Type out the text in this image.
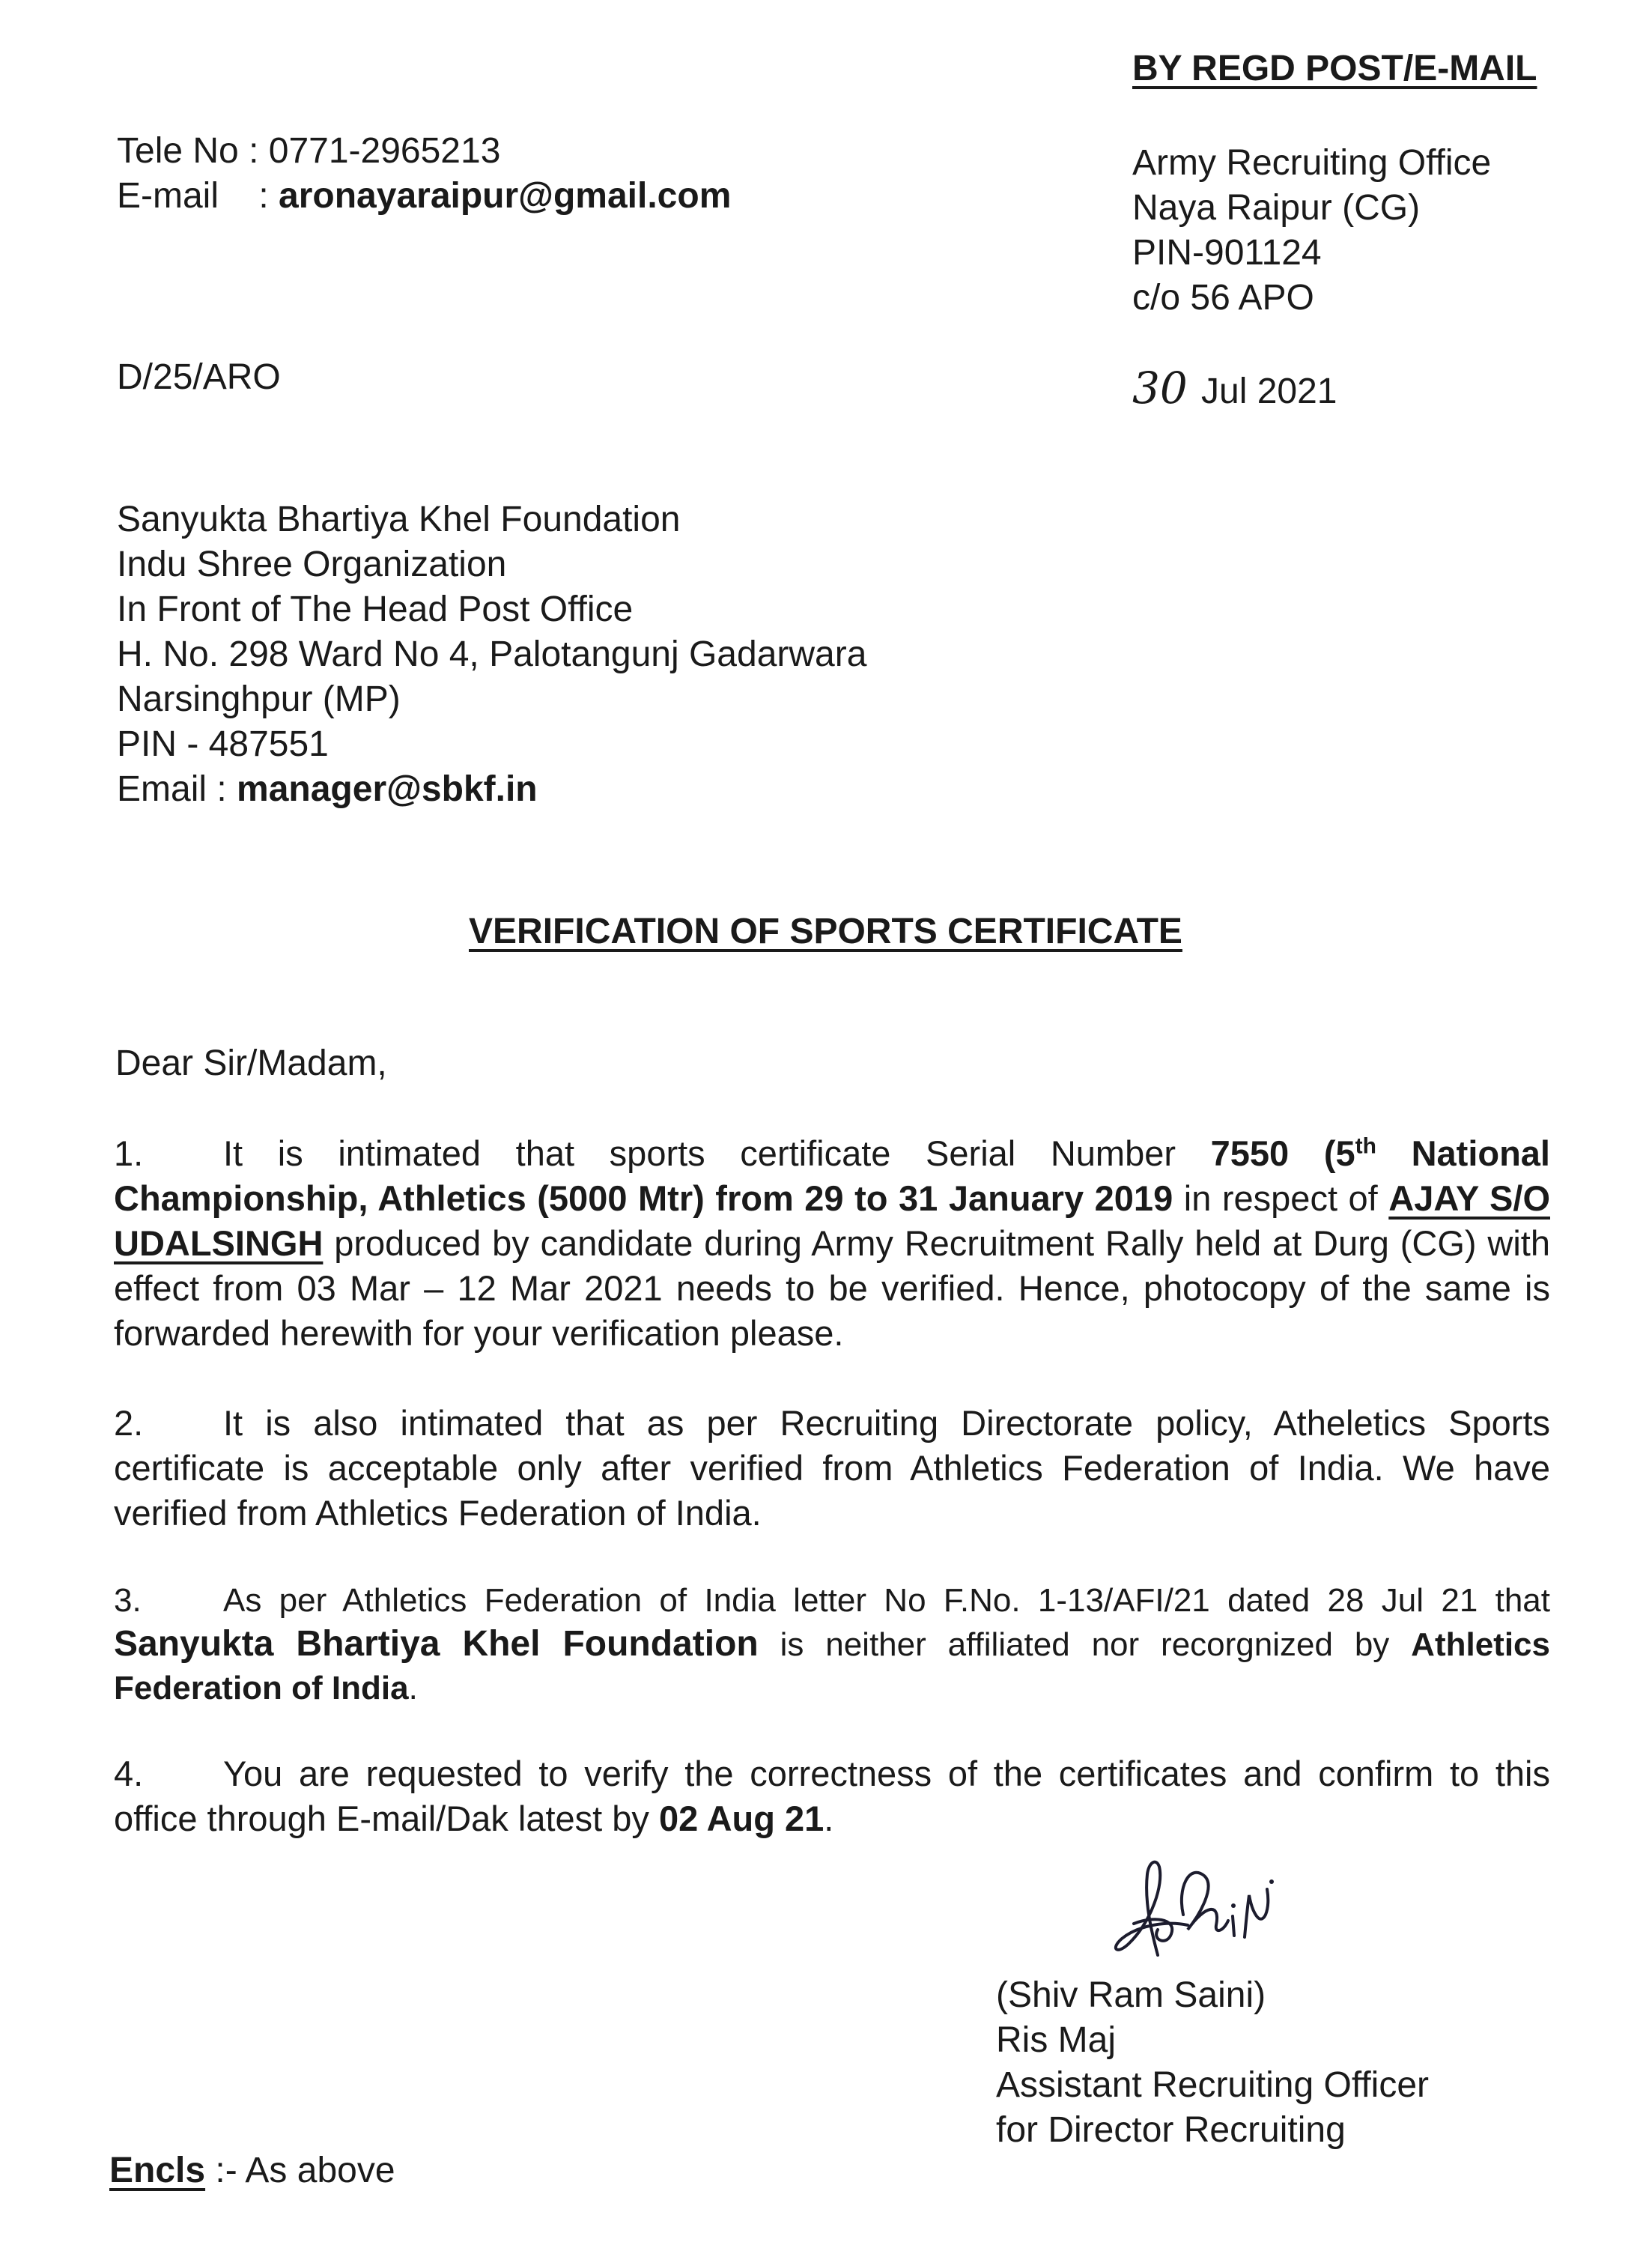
BY REGD POST/E-MAIL
Tele No : 0771-2965213
E-mail    : aronayaraipur@gmail.com
Army Recruiting Office
Naya Raipur (CG)
PIN-901124
c/o 56 APO
D/25/ARO	30 Jul 2021
Sanyukta Bhartiya Khel Foundation
Indu Shree Organization
In Front of The Head Post Office
H. No. 298 Ward No 4, Palotangunj Gadarwara
Narsinghpur (MP)
PIN - 487551
Email : manager@sbkf.in
VERIFICATION OF SPORTS CERTIFICATE
Dear Sir/Madam,
1. It is intimated that sports certificate Serial Number 7550 (5th National Championship, Athletics (5000 Mtr) from 29 to 31 January 2019 in respect of AJAY S/O UDALSINGH produced by candidate during Army Recruitment Rally held at Durg (CG) with effect from 03 Mar – 12 Mar 2021 needs to be verified. Hence, photocopy of the same is forwarded herewith for your verification please.
2. It is also intimated that as per Recruiting Directorate policy, Atheletics Sports certificate is acceptable only after verified from Athletics Federation of India. We have verified from Athletics Federation of India.
3. As per Athletics Federation of India letter No F.No. 1-13/AFI/21 dated 28 Jul 21 that Sanyukta Bhartiya Khel Foundation is neither affiliated nor recorgnized by Athletics Federation of India.
4. You are requested to verify the correctness of the certificates and confirm to this office through E-mail/Dak latest by 02 Aug 21.
(Shiv Ram Saini)
Ris Maj
Assistant Recruiting Officer
for Director Recruiting
Encls :- As above
